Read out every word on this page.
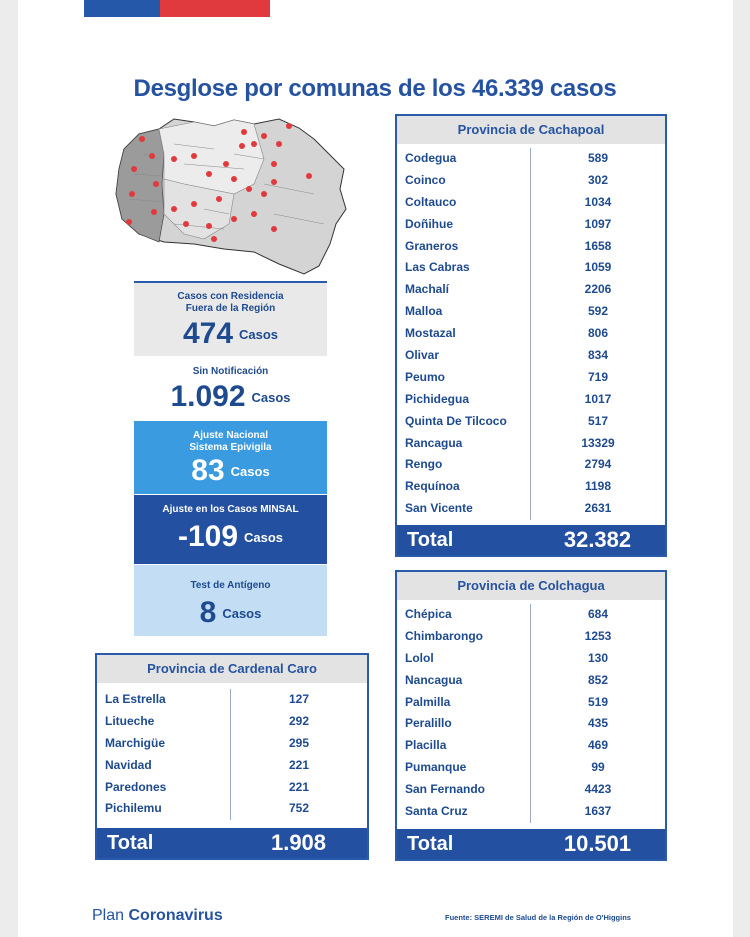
Desglose por comunas de los 46.339 casos
Casos con Residencia
Fuera de la Región
474 Casos
Sin Notificación
1.092 Casos
Ajuste Nacional
Sistema Epivigila
83 Casos
Ajuste en los Casos MINSAL
-109 Casos
Test de Antígeno
8 Casos
Provincia de Cachapoal
Codegua	589
Coinco	302
Coltauco	1034
Doñihue	1097
Graneros	1658
Las Cabras	1059
Machalí	2206
Malloa	592
Mostazal	806
Olivar	834
Peumo	719
Pichidegua	1017
Quinta De Tilcoco	517
Rancagua	13329
Rengo	2794
Requínoa	1198
San Vicente	2631
Total	32.382
Provincia de Colchagua
Chépica	684
Chimbarongo	1253
Lolol	130
Nancagua	852
Palmilla	519
Peralillo	435
Placilla	469
Pumanque	99
San Fernando	4423
Santa Cruz	1637
Total	10.501
Provincia de Cardenal Caro
La Estrella	127
Litueche	292
Marchigüe	295
Navidad	221
Paredones	221
Pichilemu	752
Total	1.908
Plan Coronavirus	Fuente: SEREMI de Salud de la Región de O'Higgins
